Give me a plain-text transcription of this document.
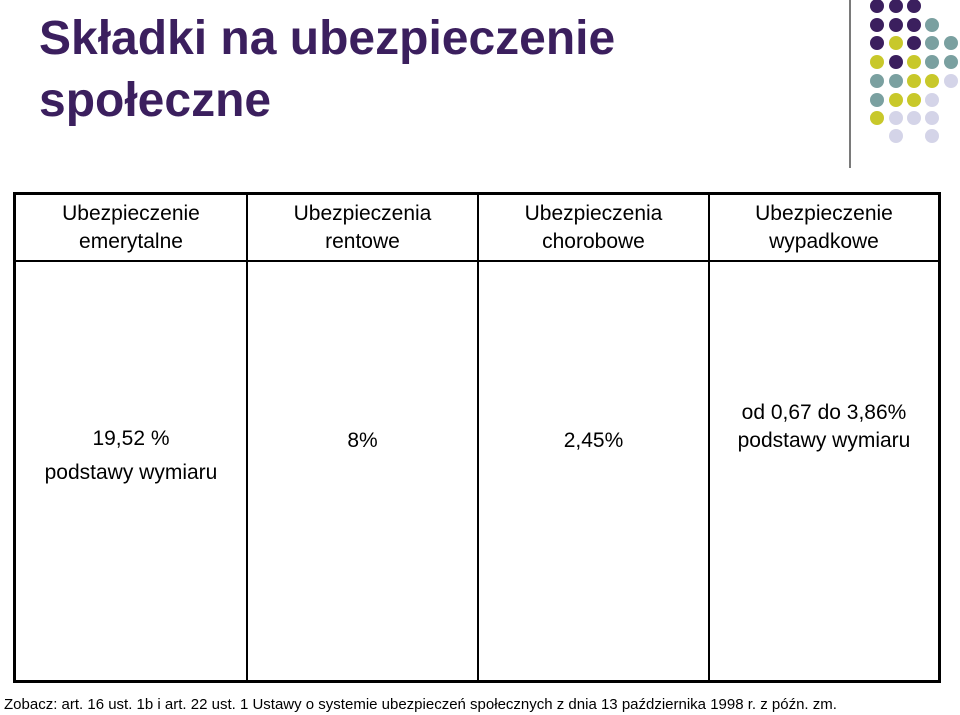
Składki na ubezpieczenie
społeczne
Ubezpieczenie
emerytalne
Ubezpieczenia
rentowe
Ubezpieczenia
chorobowe
Ubezpieczenie
wypadkowe
19,52 %
podstawy wymiaru
8%	2,45%
od 0,67 do 3,86%
podstawy wymiaru
Zobacz: art. 16 ust. 1b i art. 22 ust. 1 Ustawy o systemie ubezpieczeń społecznych z dnia 13 października 1998 r. z późn. zm.
